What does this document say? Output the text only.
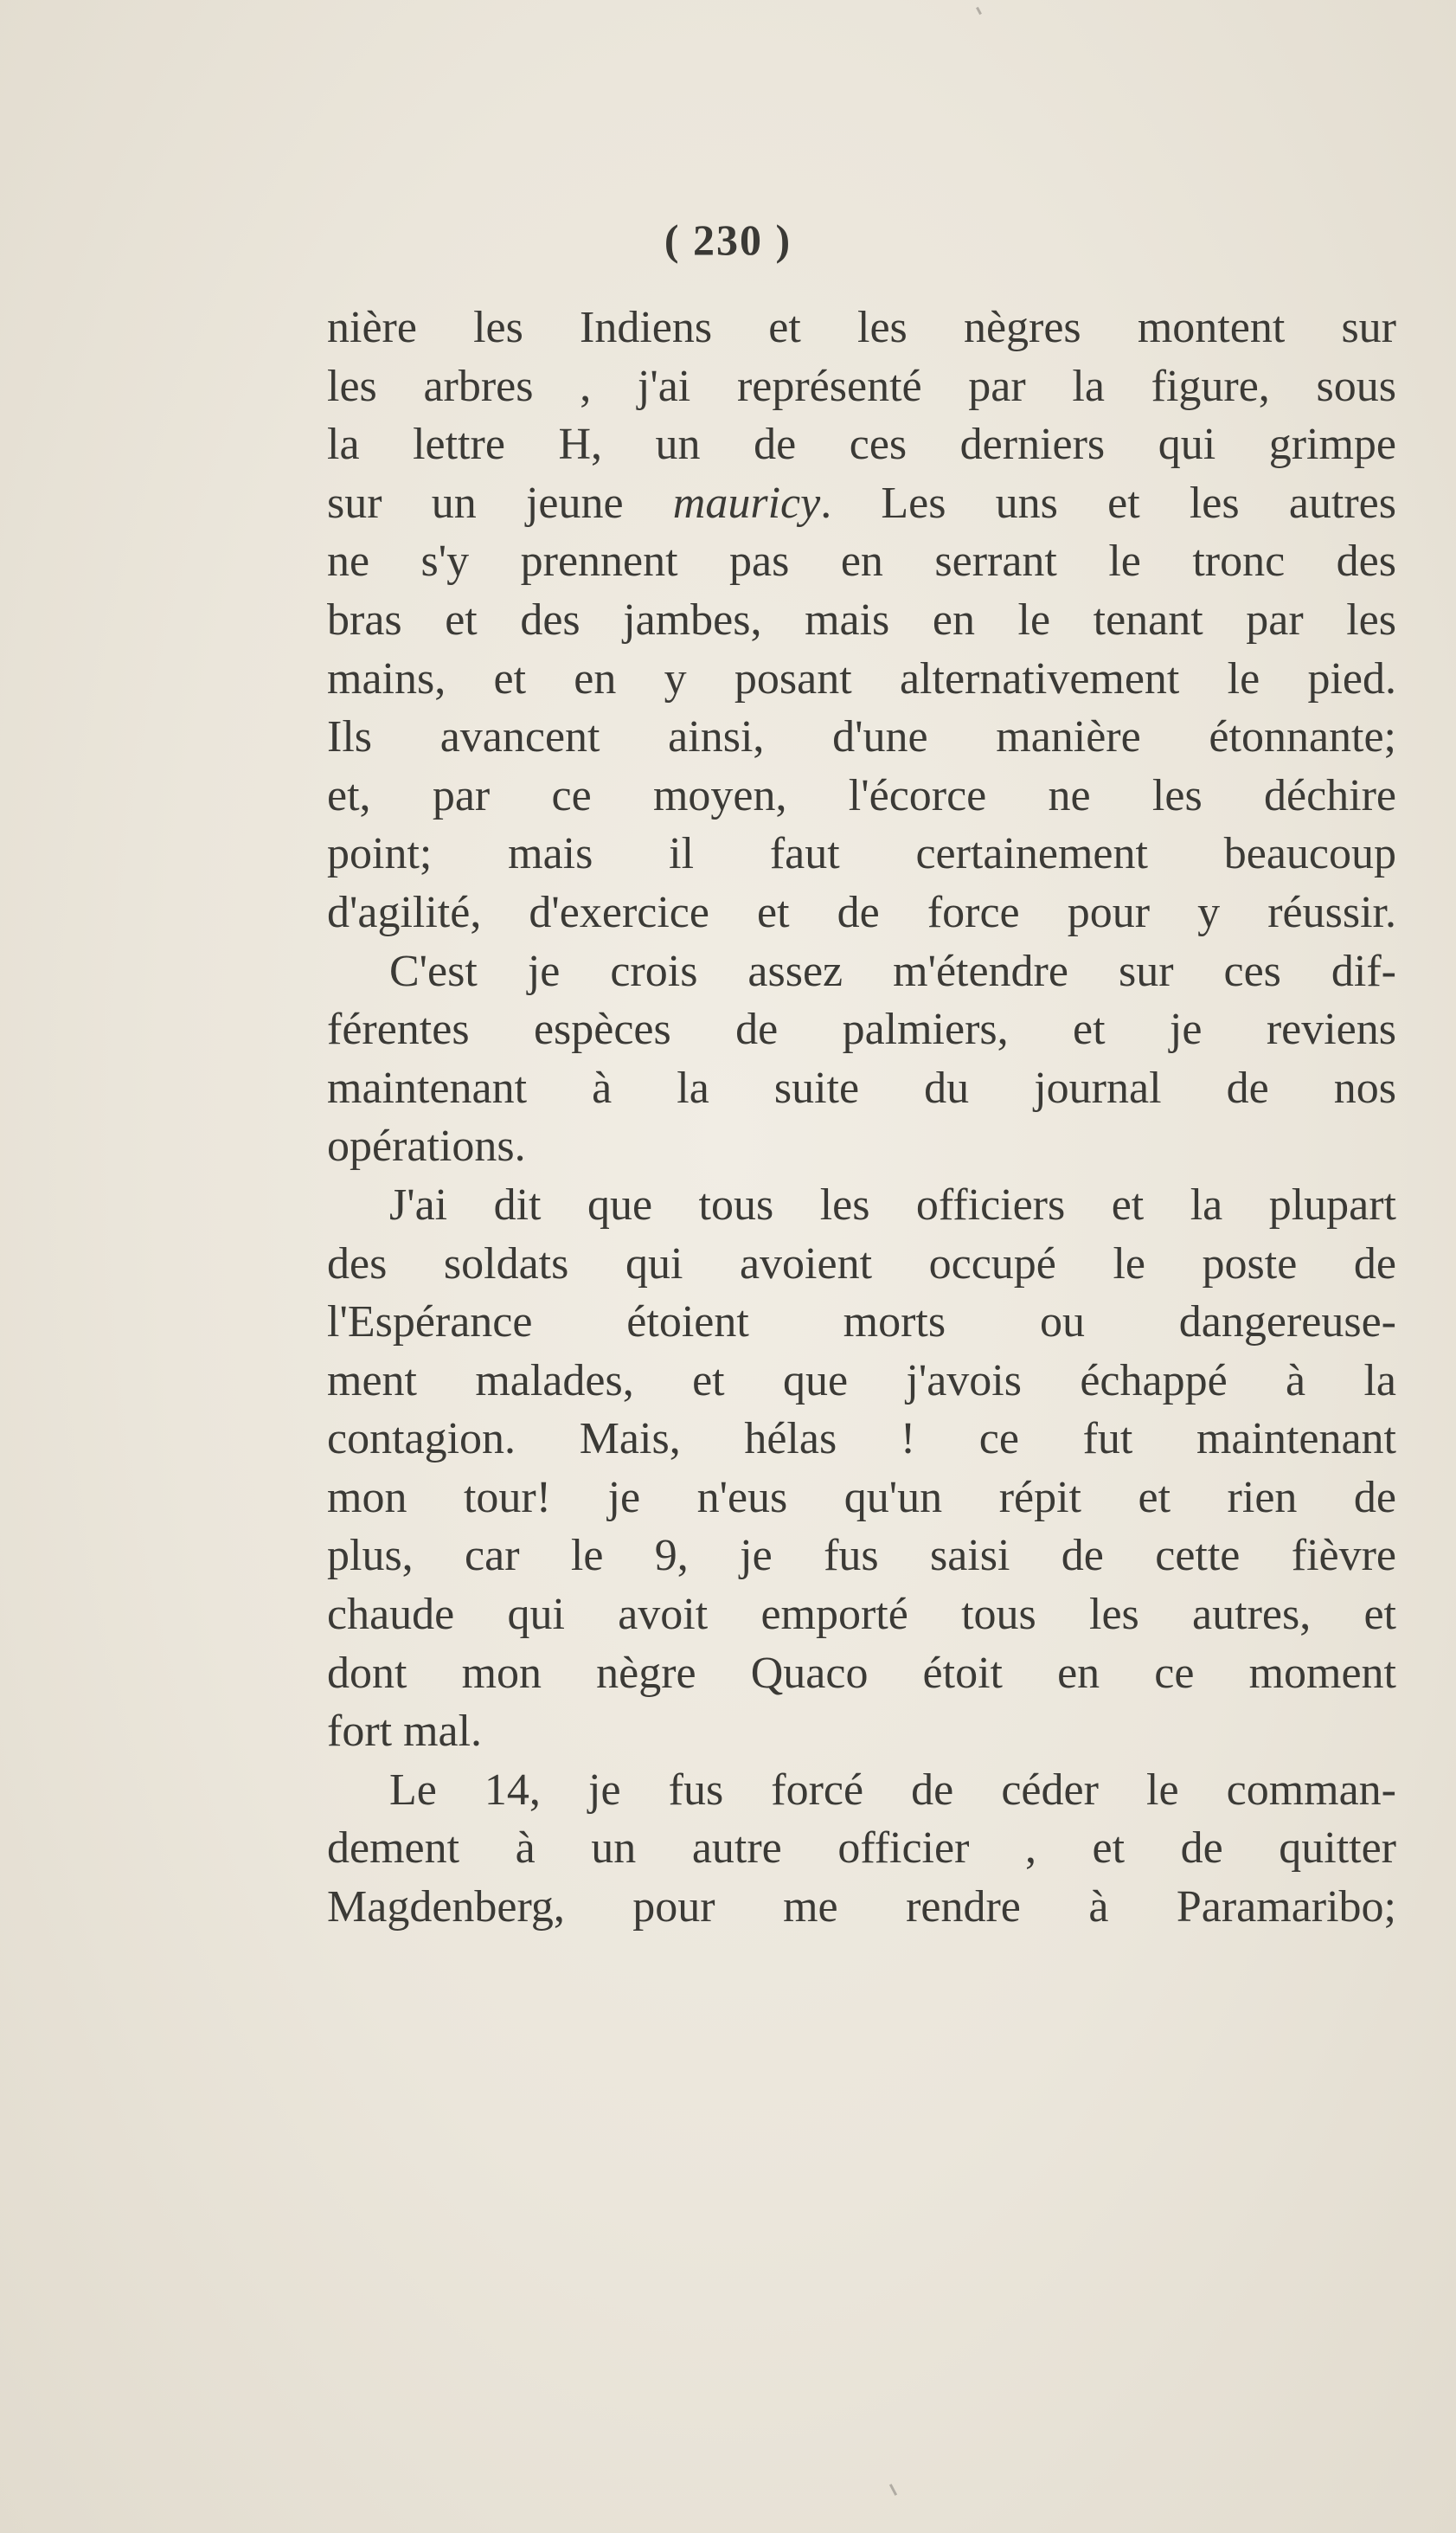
( 230 )

nière les Indiens et les nègres montent sur

les arbres , j'ai représenté par la figure, sous

la lettre H, un de ces derniers qui grimpe

sur un jeune mauricy. Les uns et les autres

ne s'y prennent pas en serrant le tronc des

bras et des jambes, mais en le tenant par les

mains, et en y posant alternativement le pied.

Ils avancent ainsi, d'une manière étonnante;

et, par ce moyen, l'écorce ne les déchire

point; mais il faut certainement beaucoup

d'agilité, d'exercice et de force pour y réussir.

C'est je crois assez m'étendre sur ces dif-

férentes espèces de palmiers, et je reviens

maintenant à la suite du journal de nos

opérations.

J'ai dit que tous les officiers et la plupart

des soldats qui avoient occupé le poste de

l'Espérance étoient morts ou dangereuse-

ment malades, et que j'avois échappé à la

contagion. Mais, hélas ! ce fut maintenant

mon tour! je n'eus qu'un répit et rien de

plus, car le 9, je fus saisi de cette fièvre

chaude qui avoit emporté tous les autres, et

dont mon nègre Quaco étoit en ce moment

fort mal.

Le 14, je fus forcé de céder le comman-

dement à un autre officier , et de quitter

Magdenberg, pour me rendre à Paramaribo;
